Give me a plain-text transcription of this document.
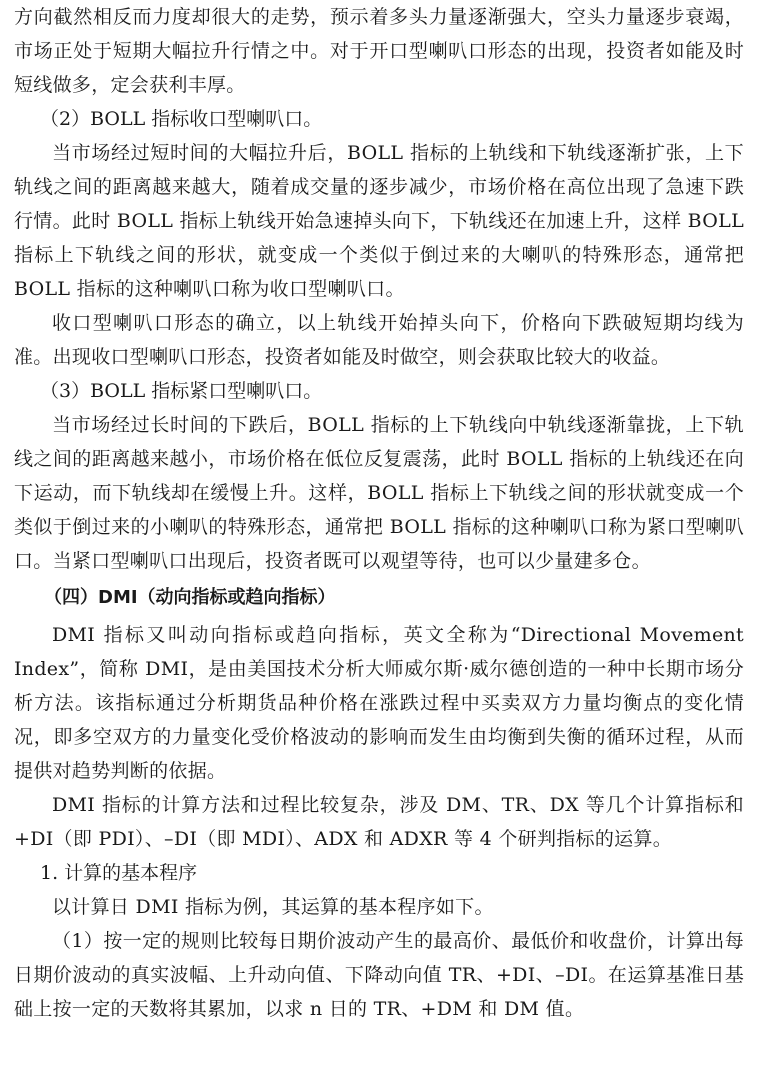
方向截然相反而力度却很大的走势，预示着多头力量逐渐强大，空头力量逐步衰竭，市场正处于短期大幅拉升行情之中。对于开口型喇叭口形态的出现，投资者如能及时短线做多，定会获利丰厚。

（2）BOLL 指标收口型喇叭口。

当市场经过短时间的大幅拉升后，BOLL 指标的上轨线和下轨线逐渐扩张，上下轨线之间的距离越来越大，随着成交量的逐步减少，市场价格在高位出现了急速下跌行情。此时 BOLL 指标上轨线开始急速掉头向下，下轨线还在加速上升，这样 BOLL 指标上下轨线之间的形状，就变成一个类似于倒过来的大喇叭的特殊形态，通常把 BOLL 指标的这种喇叭口称为收口型喇叭口。

收口型喇叭口形态的确立，以上轨线开始掉头向下，价格向下跌破短期均线为准。出现收口型喇叭口形态，投资者如能及时做空，则会获取比较大的收益。

（3）BOLL 指标紧口型喇叭口。

当市场经过长时间的下跌后，BOLL 指标的上下轨线向中轨线逐渐靠拢，上下轨线之间的距离越来越小，市场价格在低位反复震荡，此时 BOLL 指标的上轨线还在向下运动，而下轨线却在缓慢上升。这样，BOLL 指标上下轨线之间的形状就变成一个类似于倒过来的小喇叭的特殊形态，通常把 BOLL 指标的这种喇叭口称为紧口型喇叭口。当紧口型喇叭口出现后，投资者既可以观望等待，也可以少量建多仓。

（四）DMI（动向指标或趋向指标）

DMI 指标又叫动向指标或趋向指标，英文全称为“Directional Movement Index”，简称 DMI，是由美国技术分析大师威尔斯·威尔德创造的一种中长期市场分析方法。该指标通过分析期货品种价格在涨跌过程中买卖双方力量均衡点的变化情况，即多空双方的力量变化受价格波动的影响而发生由均衡到失衡的循环过程，从而提供对趋势判断的依据。

DMI 指标的计算方法和过程比较复杂，涉及 DM、TR、DX 等几个计算指标和 +DI（即 PDI）、–DI（即 MDI）、ADX 和 ADXR 等 4 个研判指标的运算。

1. 计算的基本程序

以计算日 DMI 指标为例，其运算的基本程序如下。

（1）按一定的规则比较每日期价波动产生的最高价、最低价和收盘价，计算出每日期价波动的真实波幅、上升动向值、下降动向值 TR、+DI、–DI。在运算基准日基础上按一定的天数将其累加，以求 n 日的 TR、+DM 和 DM 值。
